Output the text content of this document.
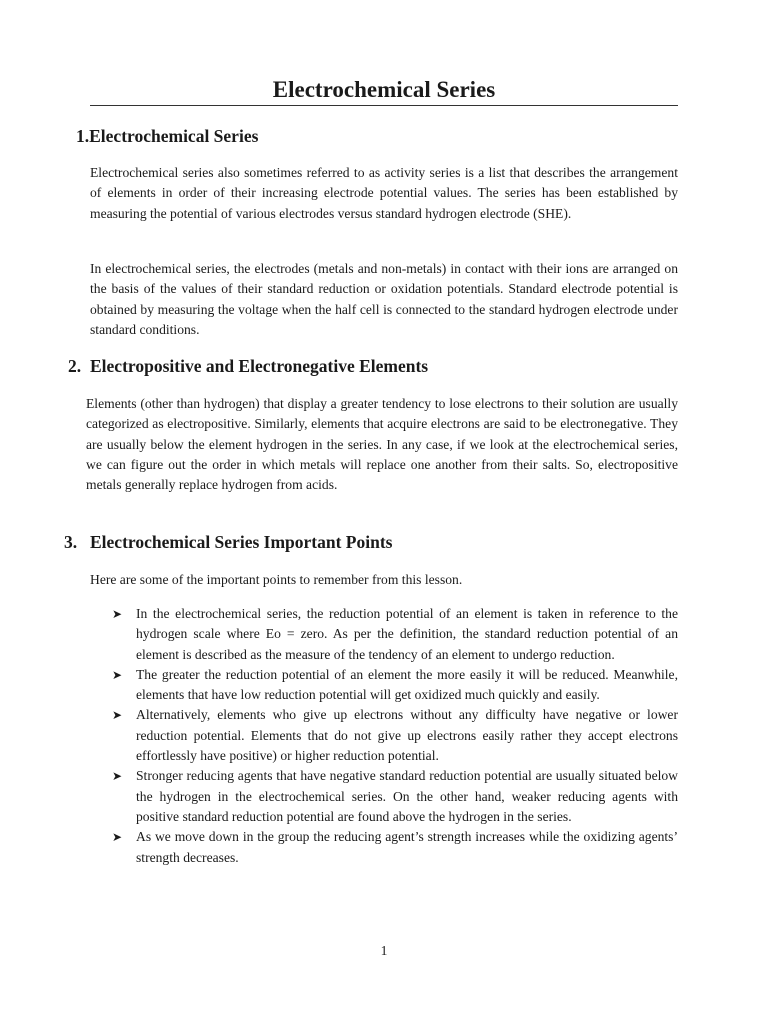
Electrochemical Series
1.Electrochemical Series

Electrochemical series also sometimes referred to as activity series is a list that describes the arrangement of elements in order of their increasing electrode potential values. The series has been established by measuring the potential of various electrodes versus standard hydrogen electrode (SHE).

In electrochemical series, the electrodes (metals and non-metals) in contact with their ions are arranged on the basis of the values of their standard reduction or oxidation potentials. Standard electrode potential is obtained by measuring the voltage when the half cell is connected to the standard hydrogen electrode under standard conditions.

2. Electropositive and Electronegative Elements

Elements (other than hydrogen) that display a greater tendency to lose electrons to their solution are usually categorized as electropositive. Similarly, elements that acquire electrons are said to be electronegative. They are usually below the element hydrogen in the series. In any case, if we look at the electrochemical series, we can figure out the order in which metals will replace one another from their salts. So, electropositive metals generally replace hydrogen from acids.

3. Electrochemical Series Important Points

Here are some of the important points to remember from this lesson.

➤ In the electrochemical series, the reduction potential of an element is taken in reference to the hydrogen scale where Eo = zero. As per the definition, the standard reduction potential of an element is described as the measure of the tendency of an element to undergo reduction.
➤ The greater the reduction potential of an element the more easily it will be reduced. Meanwhile, elements that have low reduction potential will get oxidized much quickly and easily.
➤ Alternatively, elements who give up electrons without any difficulty have negative or lower reduction potential. Elements that do not give up electrons easily rather they accept electrons effortlessly have positive) or higher reduction potential.
➤ Stronger reducing agents that have negative standard reduction potential are usually situated below the hydrogen in the electrochemical series. On the other hand, weaker reducing agents with positive standard reduction potential are found above the hydrogen in the series.
➤ As we move down in the group the reducing agent’s strength increases while the oxidizing agents’ strength decreases.

1
